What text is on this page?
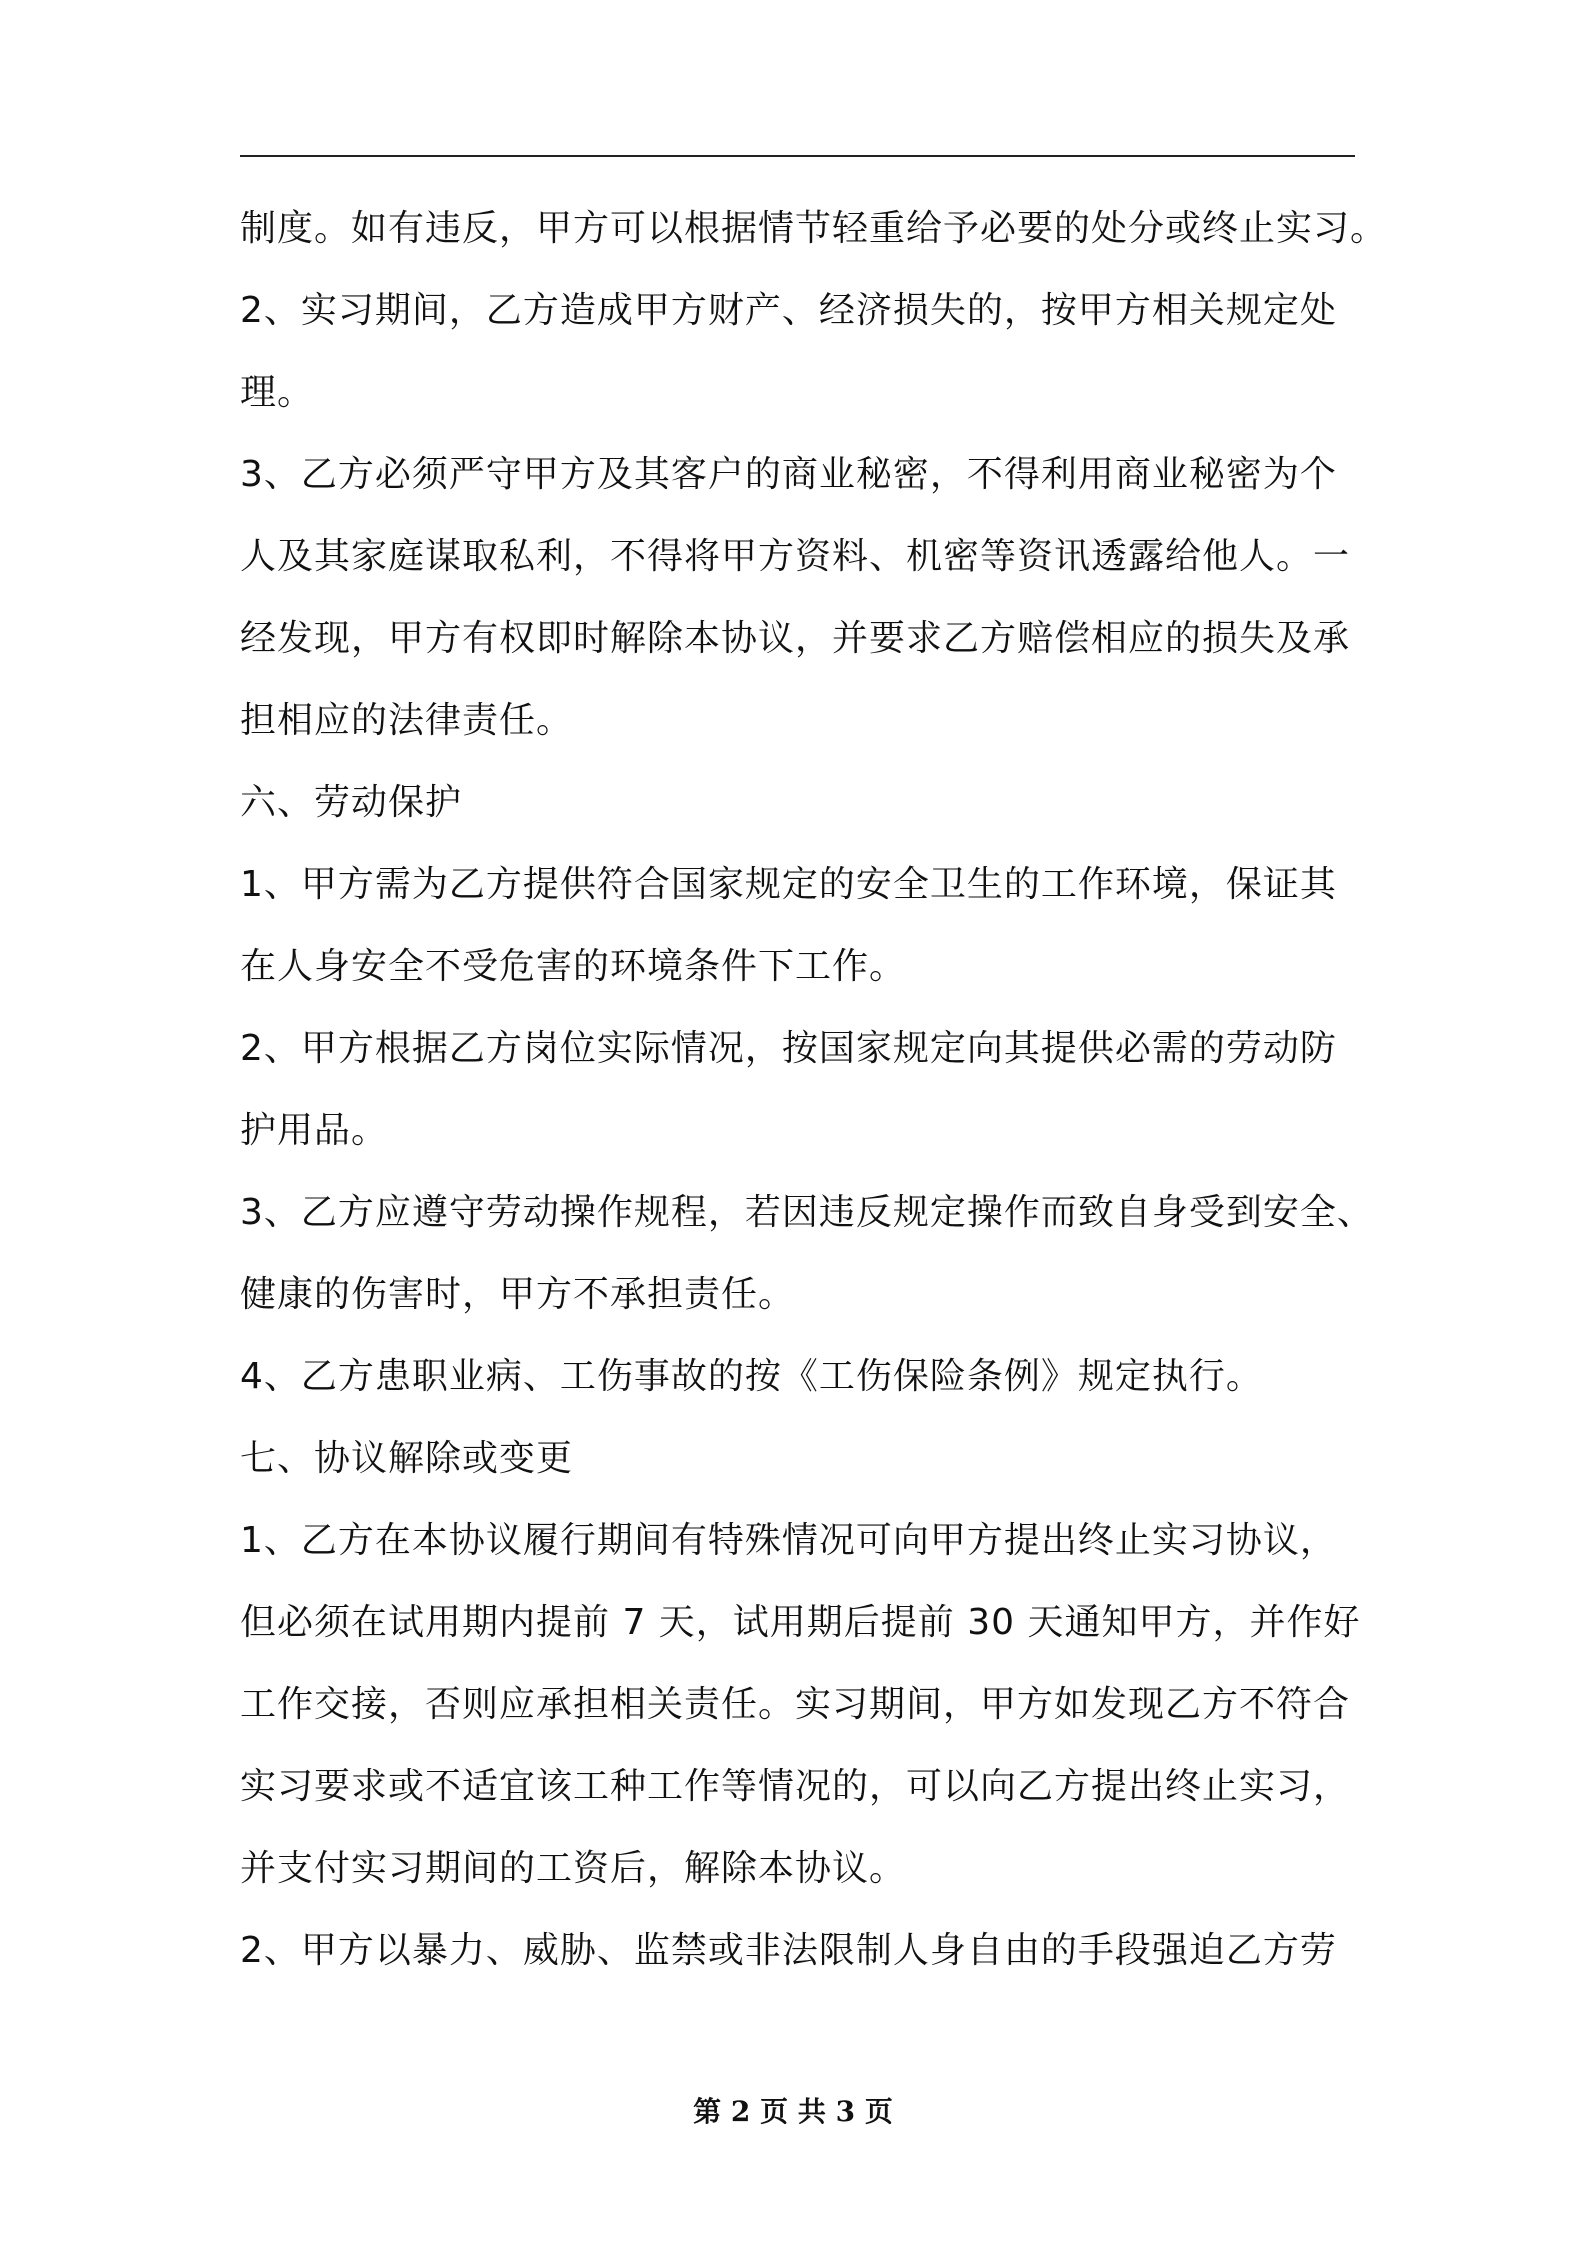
制度。如有违反，甲方可以根据情节轻重给予必要的处分或终止实习。
2、实习期间，乙方造成甲方财产、经济损失的，按甲方相关规定处
理。
3、乙方必须严守甲方及其客户的商业秘密，不得利用商业秘密为个
人及其家庭谋取私利，不得将甲方资料、机密等资讯透露给他人。一
经发现，甲方有权即时解除本协议，并要求乙方赔偿相应的损失及承
担相应的法律责任。
六、劳动保护
1、甲方需为乙方提供符合国家规定的安全卫生的工作环境，保证其
在人身安全不受危害的环境条件下工作。
2、甲方根据乙方岗位实际情况，按国家规定向其提供必需的劳动防
护用品。
3、乙方应遵守劳动操作规程，若因违反规定操作而致自身受到安全、
健康的伤害时，甲方不承担责任。
4、乙方患职业病、工伤事故的按《工伤保险条例》规定执行。
七、协议解除或变更
1、乙方在本协议履行期间有特殊情况可向甲方提出终止实习协议，
但必须在试用期内提前 7 天，试用期后提前 30 天通知甲方，并作好
工作交接，否则应承担相关责任。实习期间，甲方如发现乙方不符合
实习要求或不适宜该工种工作等情况的，可以向乙方提出终止实习，
并支付实习期间的工资后，解除本协议。
2、甲方以暴力、威胁、监禁或非法限制人身自由的手段强迫乙方劳
第 2 页 共 3 页
